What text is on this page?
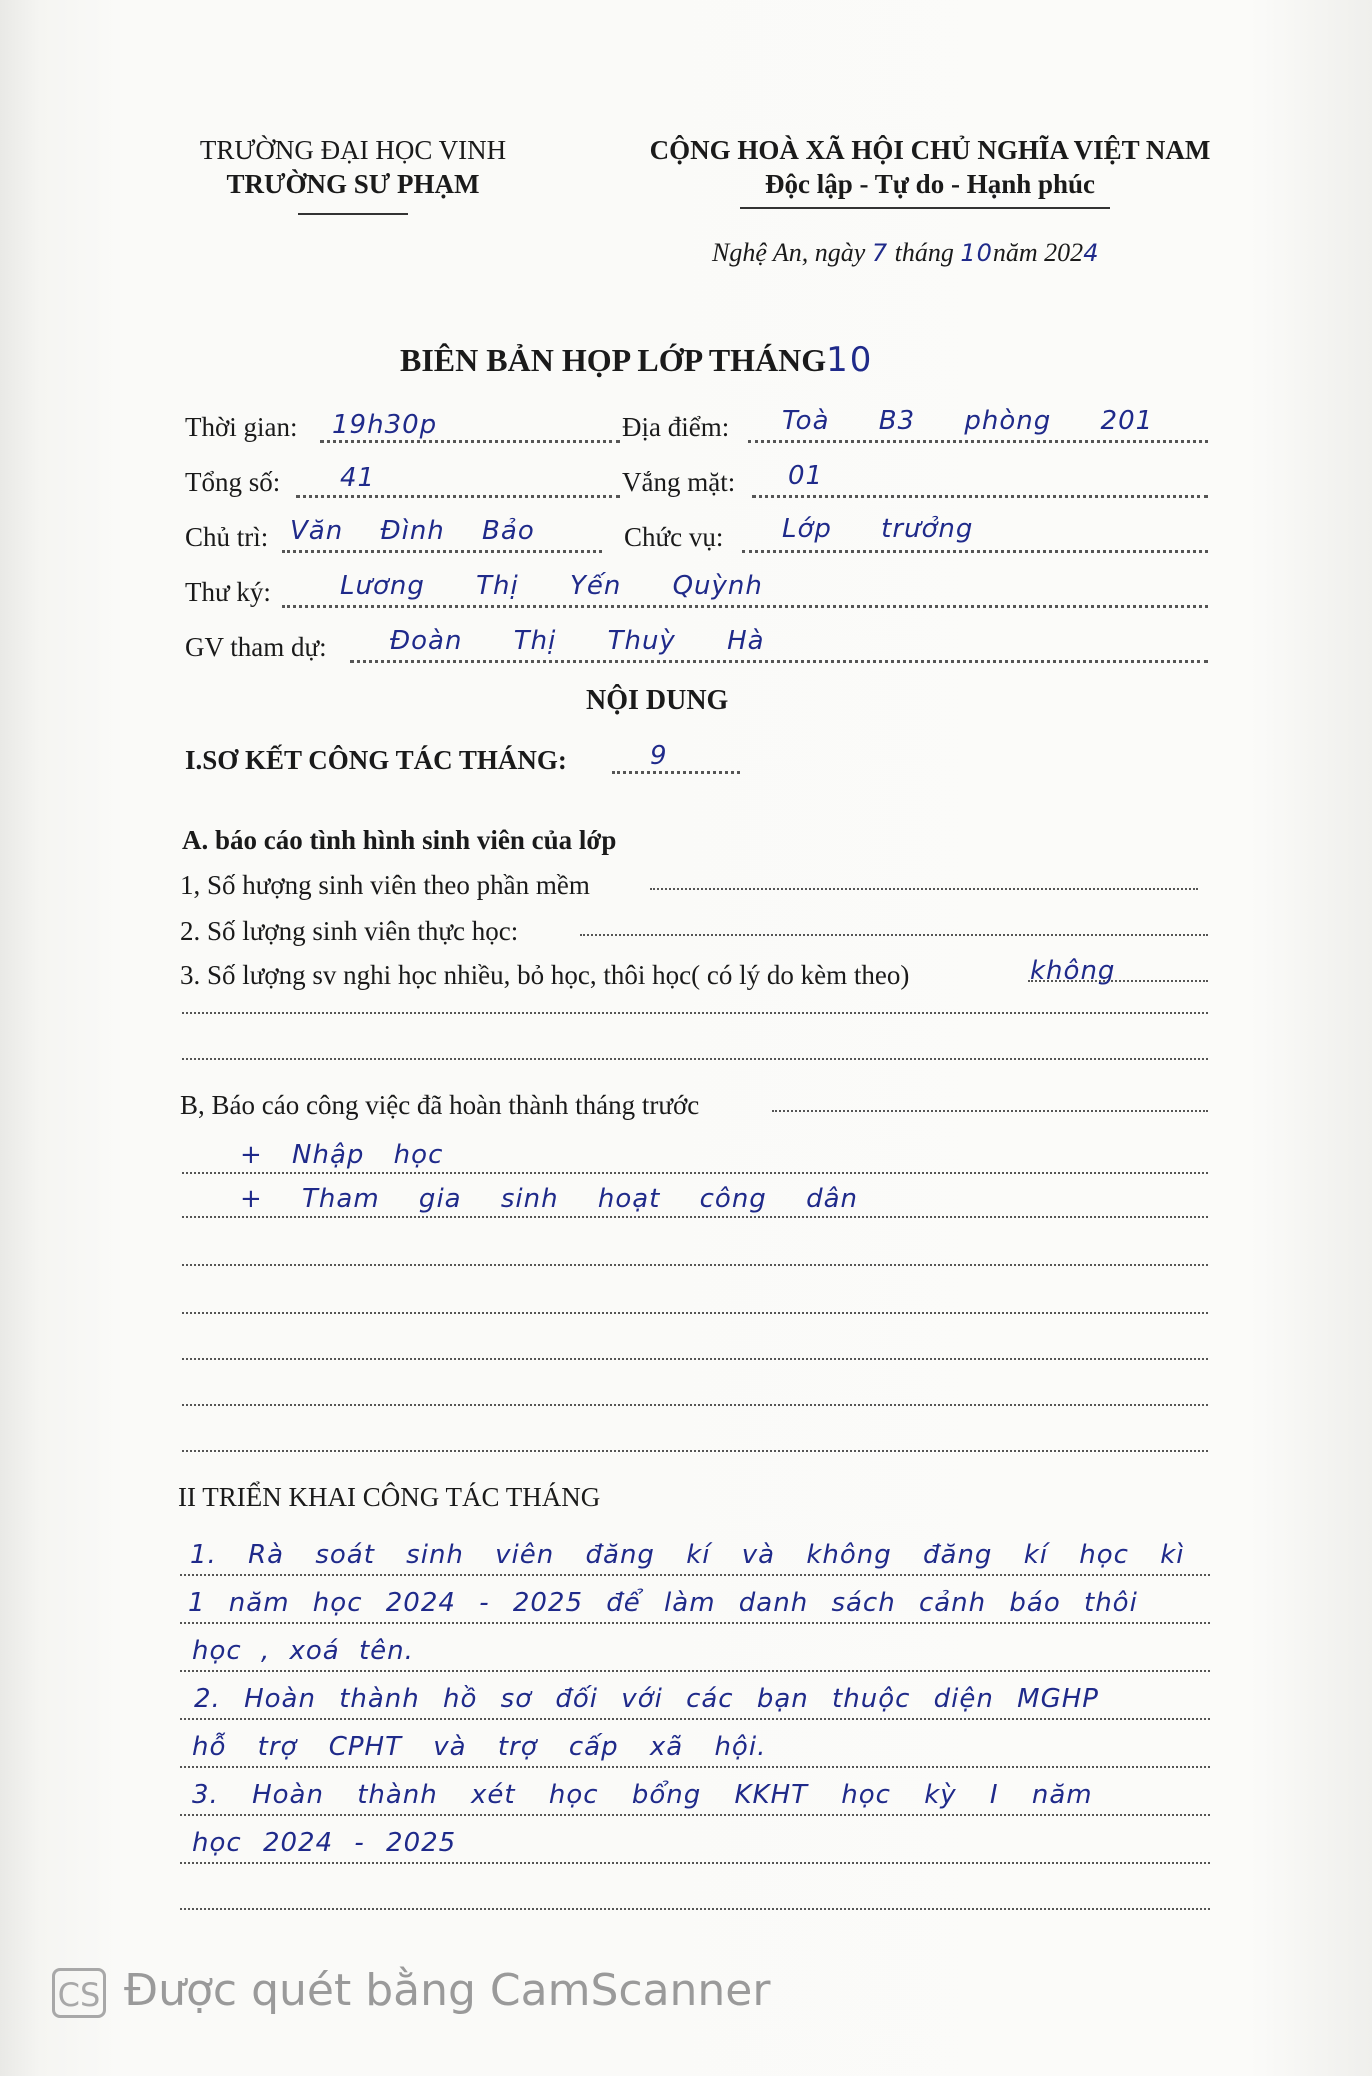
TRƯỜNG ĐẠI HỌC VINH
TRƯỜNG SƯ PHẠM
CỘNG HOÀ XÃ HỘI CHỦ NGHĨA VIỆT NAM
Độc lập - Tự do - Hạnh phúc
Nghệ An, ngày 7 tháng 10năm 2024
BIÊN BẢN HỌP LỚP THÁNG10
Thời gian: 19h30p	Địa điểm: Toà B3 phòng 201
Tổng số: 41	Vắng mặt: 01
Chủ trì: Văn Đình Bảo	Chức vụ: Lớp trưởng
Thư ký:	Lương Thị Yến Quỳnh
GV tham dự: Đoàn Thị Thuỳ Hà
NỘI DUNG
I.SƠ KẾT CÔNG TÁC THÁNG:	9
A. báo cáo tình hình sinh viên của lớp
1, Số hượng sinh viên theo phần mềm
2. Số lượng sinh viên thực học:
3. Số lượng sv nghi học nhiều, bỏ học, thôi học( có lý do kèm theo)	không
B, Báo cáo công việc đã hoàn thành tháng trước
+ Nhập học
+ Tham gia sinh hoạt công dân
II TRIỂN KHAI CÔNG TÁC THÁNG
1. Rà soát sinh viên đăng kí và không đăng kí học kì
1 năm học 2024 - 2025 để làm danh sách cảnh báo thôi
học , xoá tên.
2. Hoàn thành hồ sơ đối với các bạn thuộc diện MGHP
hỗ trợ CPHT và trợ cấp xã hội.
3. Hoàn thành xét học bổng KKHT học kỳ I năm
học 2024 - 2025
CS Được quét bằng CamScanner
